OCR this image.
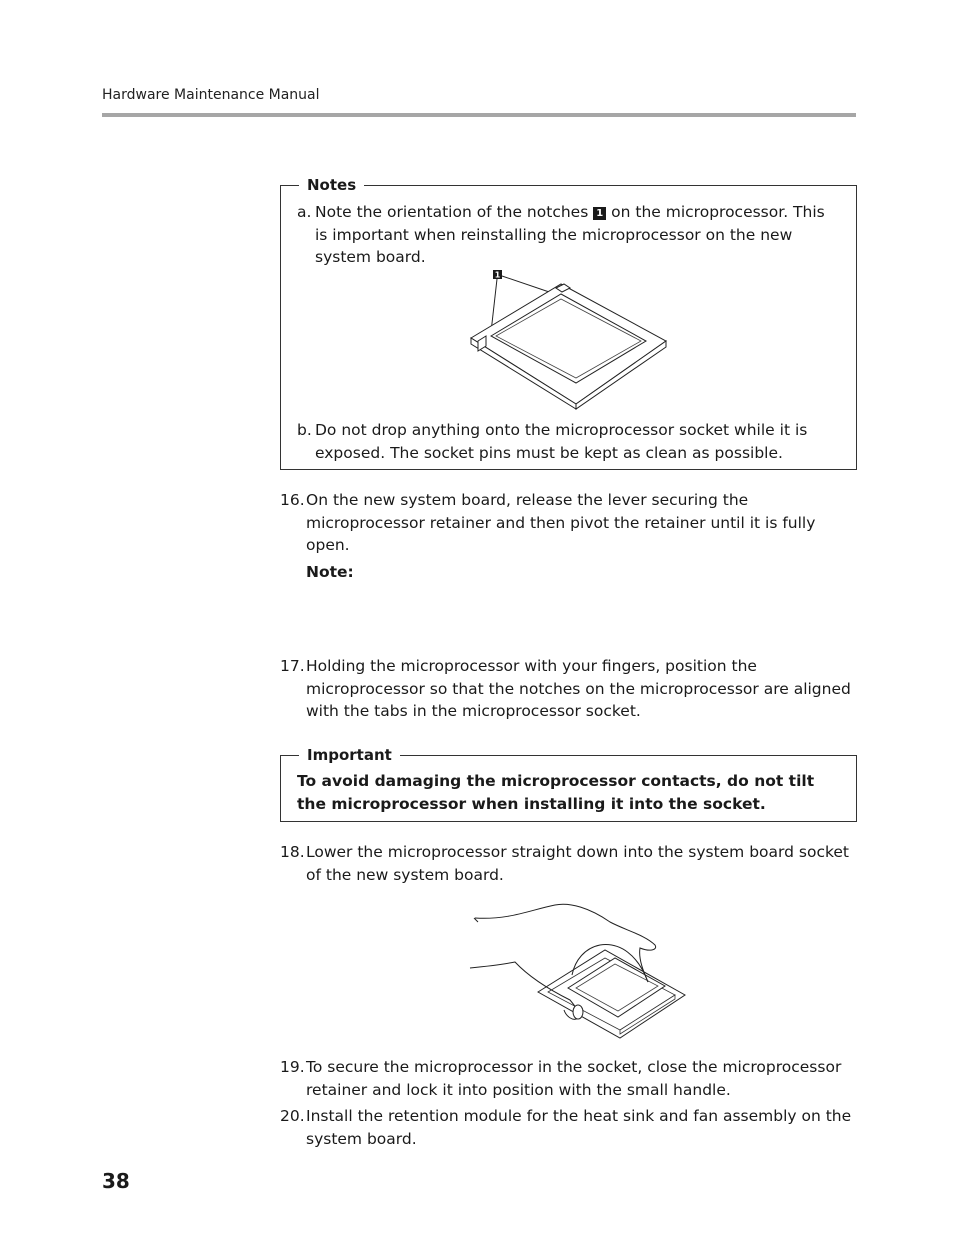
Hardware Maintenance Manual
Notes
a. Note the orientation of the notches 1 on the microprocessor. This is important when reinstalling the microprocessor on the new system board.
1
b. Do not drop anything onto the microprocessor socket while it is exposed. The socket pins must be kept as clean as possible.
16. On the new system board, release the lever securing the microprocessor retainer and then pivot the retainer until it is fully open.
Note:
17. Holding the microprocessor with your fingers, position the microprocessor so that the notches on the microprocessor are aligned with the tabs in the microprocessor socket.
Important
To avoid damaging the microprocessor contacts, do not tilt the microprocessor when installing it into the socket.
18. Lower the microprocessor straight down into the system board socket of the new system board.
19. To secure the microprocessor in the socket, close the microprocessor retainer and lock it into position with the small handle.
20. Install the retention module for the heat sink and fan assembly on the system board.
38
